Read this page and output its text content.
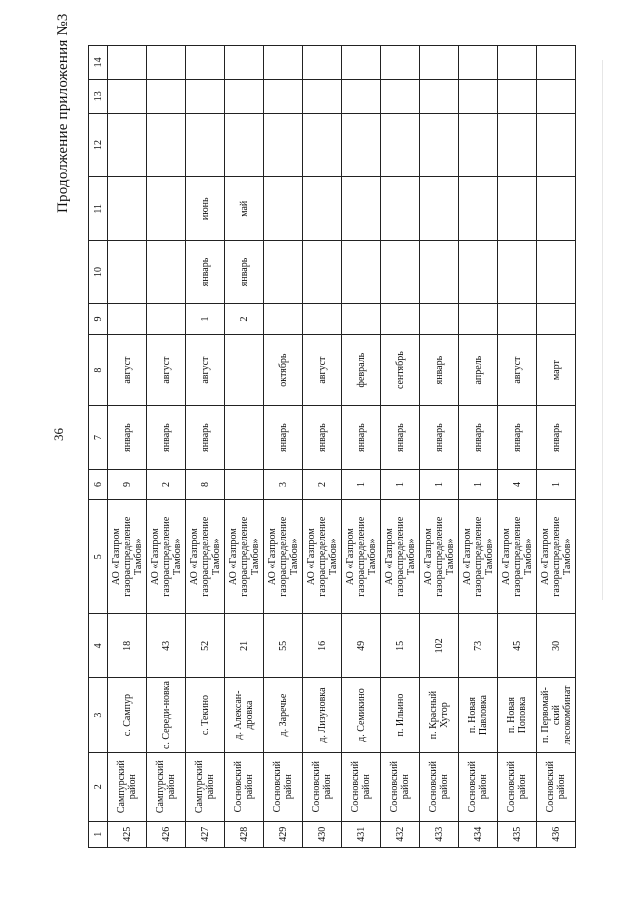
36
Продолжение приложения №3
1	2	3	4	5	6	7	8	9	10	11	12	13	14
425	Сампурский район	с. Сампур	18	АО «Газпром газораспределение Тамбов»	9	январь	август						
426	Сампурский район	с. Середи-новка	43	АО «Газпром газораспределение Тамбов»	2	январь	август						
427	Сампурский район	с. Текино	52	АО «Газпром газораспределение Тамбов»	8	январь	август	1	январь	июнь			
428	Сосновский район	д. Алексан-дровка	21	АО «Газпром газораспределение Тамбов»				2	январь	май			
429	Сосновский район	д. Заречье	55	АО «Газпром газораспределение Тамбов»	3	январь	октябрь						
430	Сосновский район	д. Лизуновка	16	АО «Газпром газораспределение Тамбов»	2	январь	август						
431	Сосновский район	д. Семикино	49	АО «Газпром газораспределение Тамбов»	1	январь	февраль						
432	Сосновский район	п. Ильино	15	АО «Газпром газораспределение Тамбов»	1	январь	сентябрь						
433	Сосновский район	п. Красный Хутор	102	АО «Газпром газораспределение Тамбов»	1	январь	январь						
434	Сосновский район	п. Новая Павловка	73	АО «Газпром газораспределение Тамбов»	1	январь	апрель						
435	Сосновский район	п. Новая Поповка	45	АО «Газпром газораспределение Тамбов»	4	январь	август						
436	Сосновский район	п. Первомай-ский лесокомбинат	30	АО «Газпром газораспределение Тамбов»	1	январь	март						
